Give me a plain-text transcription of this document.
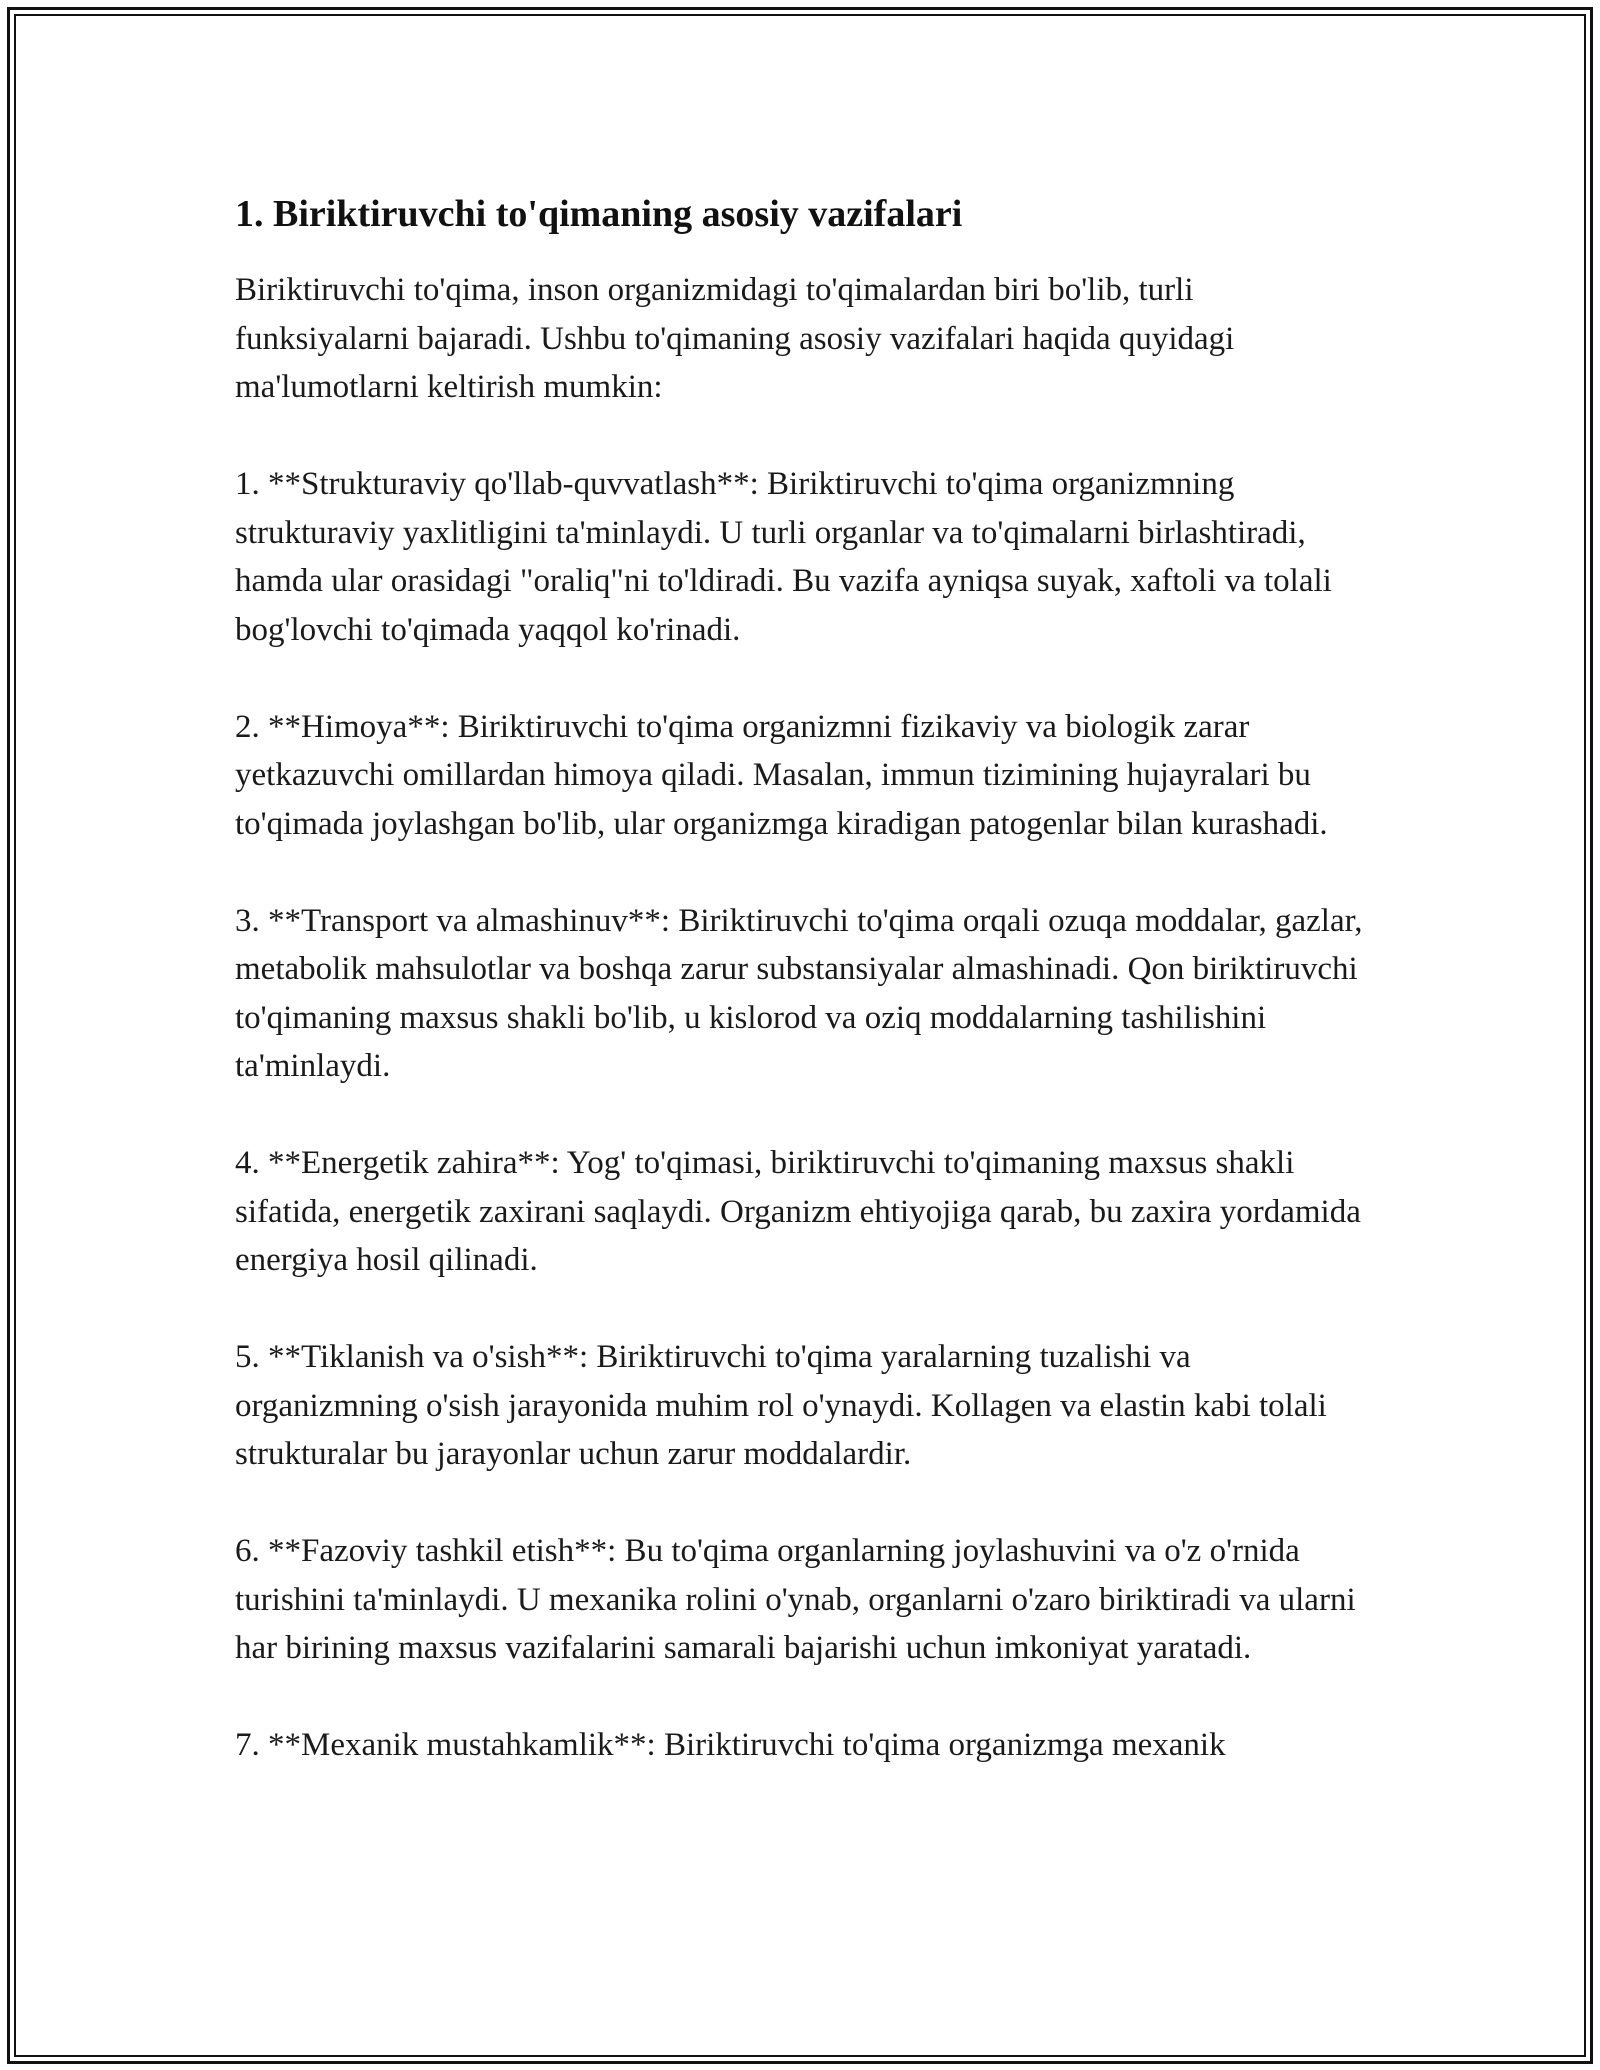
1. Biriktiruvchi to'qimaning asosiy vazifalari

Biriktiruvchi to'qima, inson organizmidagi to'qimalardan biri bo'lib, turli funksiyalarni bajaradi. Ushbu to'qimaning asosiy vazifalari haqida quyidagi ma'lumotlarni keltirish mumkin:

1. **Strukturaviy qo'llab-quvvatlash**: Biriktiruvchi to'qima organizmning strukturaviy yaxlitligini ta'minlaydi. U turli organlar va to'qimalarni birlashtiradi, hamda ular orasidagi "oraliq"ni to'ldiradi. Bu vazifa ayniqsa suyak, xaftoli va tolali bog'lovchi to'qimada yaqqol ko'rinadi.

2. **Himoya**: Biriktiruvchi to'qima organizmni fizikaviy va biologik zarar yetkazuvchi omillardan himoya qiladi. Masalan, immun tizimining hujayralari bu to'qimada joylashgan bo'lib, ular organizmga kiradigan patogenlar bilan kurashadi.

3. **Transport va almashinuv**: Biriktiruvchi to'qima orqali ozuqa moddalar, gazlar, metabolik mahsulotlar va boshqa zarur substansiyalar almashinadi. Qon biriktiruvchi to'qimaning maxsus shakli bo'lib, u kislorod va oziq moddalarning tashilishini ta'minlaydi.

4. **Energetik zahira**: Yog' to'qimasi, biriktiruvchi to'qimaning maxsus shakli sifatida, energetik zaxirani saqlaydi. Organizm ehtiyojiga qarab, bu zaxira yordamida energiya hosil qilinadi.

5. **Tiklanish va o'sish**: Biriktiruvchi to'qima yaralarning tuzalishi va organizmning o'sish jarayonida muhim rol o'ynaydi. Kollagen va elastin kabi tolali strukturalar bu jarayonlar uchun zarur moddalardir.

6. **Fazoviy tashkil etish**: Bu to'qima organlarning joylashuvini va o'z o'rnida turishini ta'minlaydi. U mexanika rolini o'ynab, organlarni o'zaro biriktiradi va ularni har birining maxsus vazifalarini samarali bajarishi uchun imkoniyat yaratadi.

7. **Mexanik mustahkamlik**: Biriktiruvchi to'qima organizmga mexanik
